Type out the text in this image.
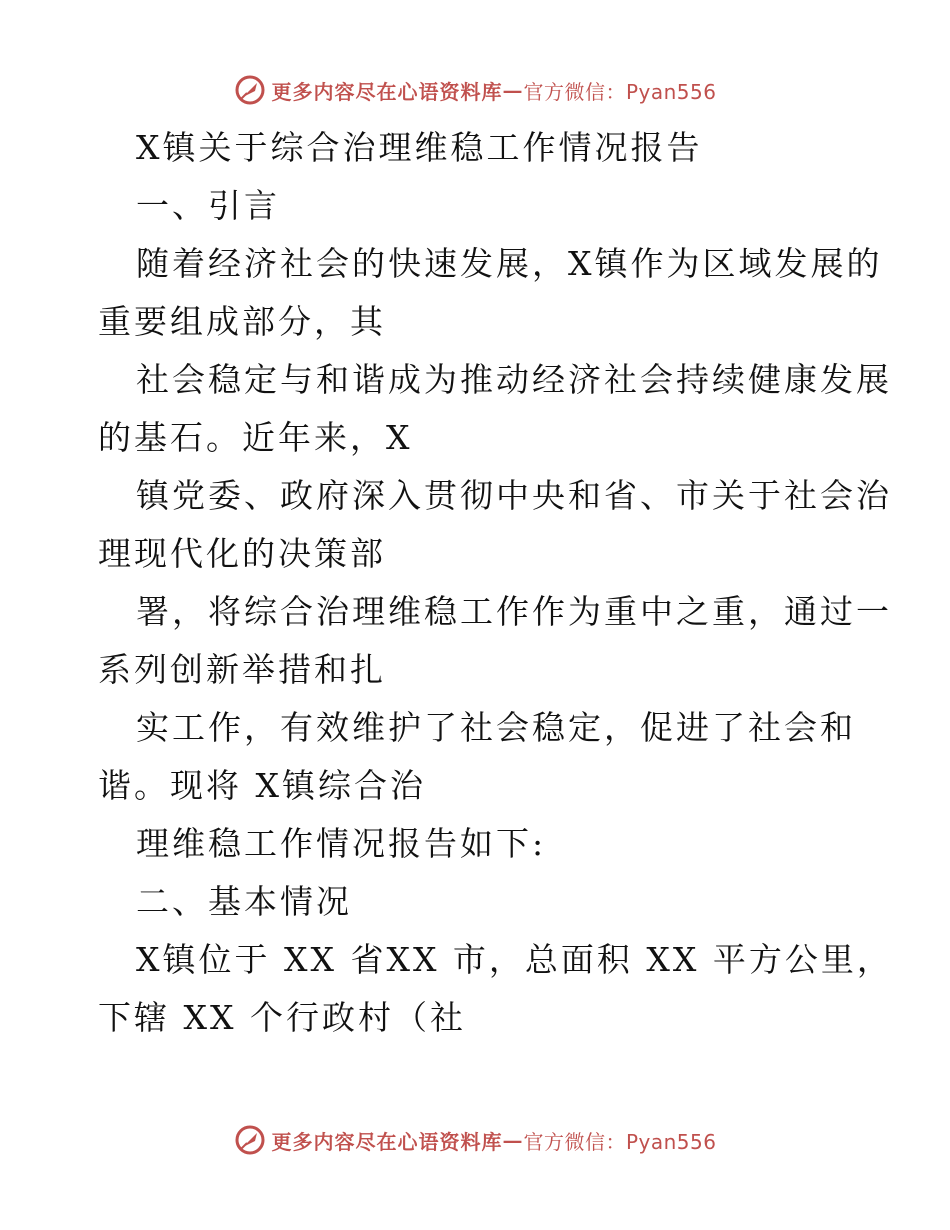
更多内容尽在心语资料库 — 官方微信：Pyan556
X镇关于综合治理维稳工作情况报告
一、引言
随着经济社会的快速发展，X镇作为区域发展的
重要组成部分，其
社会稳定与和谐成为推动经济社会持续健康发展
的基石。近年来，X
镇党委、政府深入贯彻中央和省、市关于社会治
理现代化的决策部
署，将综合治理维稳工作作为重中之重，通过一
系列创新举措和扎
实工作，有效维护了社会稳定，促进了社会和
谐。现将 X镇综合治
理维稳工作情况报告如下:
二、基本情况
X镇位于 XX 省XX 市，总面积 XX 平方公里，
下辖 XX 个行政村（社
更多内容尽在心语资料库 — 官方微信：Pyan556
